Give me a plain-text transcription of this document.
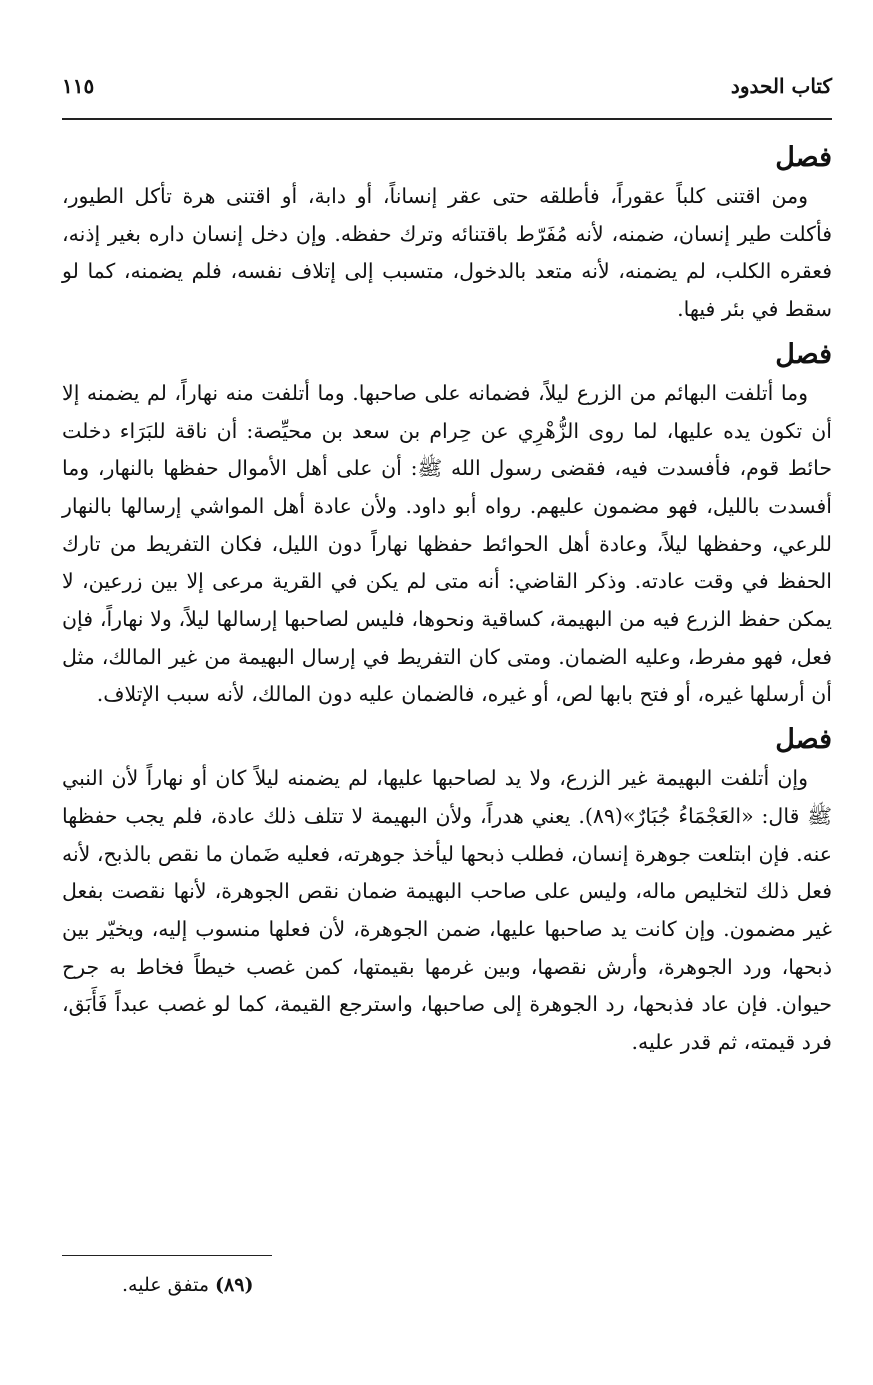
كتاب الحدود
١١٥
فصل

ومن اقتنى كلباً عقوراً، فأطلقه حتى عقر إنساناً، أو دابة، أو اقتنى هرة تأكل الطيور، فأكلت طير إنسان، ضمنه، لأنه مُفَرّط باقتنائه وترك حفظه. وإن دخل إنسان داره بغير إذنه، فعقره الكلب، لم يضمنه، لأنه متعد بالدخول، متسبب إلى إتلاف نفسه، فلم يضمنه، كما لو سقط في بئر فيها.

فصل

وما أتلفت البهائم من الزرع ليلاً، فضمانه على صاحبها. وما أتلفت منه نهاراً، لم يضمنه إلا أن تكون يده عليها، لما روى الزُّهْرِي عن حِرام بن سعد بن محيِّصة: أن ناقة للبَرَاء دخلت حائط قوم، فأفسدت فيه، فقضى رسول الله ﷺ: أن على أهل الأموال حفظها بالنهار، وما أفسدت بالليل، فهو مضمون عليهم. رواه أبو داود. ولأن عادة أهل المواشي إرسالها بالنهار للرعي، وحفظها ليلاً، وعادة أهل الحوائط حفظها نهاراً دون الليل، فكان التفريط من تارك الحفظ في وقت عادته. وذكر القاضي: أنه متى لم يكن في القرية مرعى إلا بين زرعين، لا يمكن حفظ الزرع فيه من البهيمة، كساقية ونحوها، فليس لصاحبها إرسالها ليلاً، ولا نهاراً، فإن فعل، فهو مفرط، وعليه الضمان. ومتى كان التفريط في إرسال البهيمة من غير المالك، مثل أن أرسلها غيره، أو فتح بابها لص، أو غيره، فالضمان عليه دون المالك، لأنه سبب الإتلاف.

فصل

وإن أتلفت البهيمة غير الزرع، ولا يد لصاحبها عليها، لم يضمنه ليلاً كان أو نهاراً لأن النبي ﷺ قال: «العَجْمَاءُ جُبَارٌ»(٨٩). يعني هدراً، ولأن البهيمة لا تتلف ذلك عادة، فلم يجب حفظها عنه. فإن ابتلعت جوهرة إنسان، فطلب ذبحها ليأخذ جوهرته، فعليه ضَمان ما نقص بالذبح، لأنه فعل ذلك لتخليص ماله، وليس على صاحب البهيمة ضمان نقص الجوهرة، لأنها نقصت بفعل غير مضمون. وإن كانت يد صاحبها عليها، ضمن الجوهرة، لأن فعلها منسوب إليه، ويخيّر بين ذبحها، ورد الجوهرة، وأرش نقصها، وبين غرمها بقيمتها، كمن غصب خيطاً فخاط به جرح حيوان. فإن عاد فذبحها، رد الجوهرة إلى صاحبها، واسترجع القيمة، كما لو غصب عبداً فَأَبَق، فرد قيمته، ثم قدر عليه.

(٨٩) متفق عليه.
